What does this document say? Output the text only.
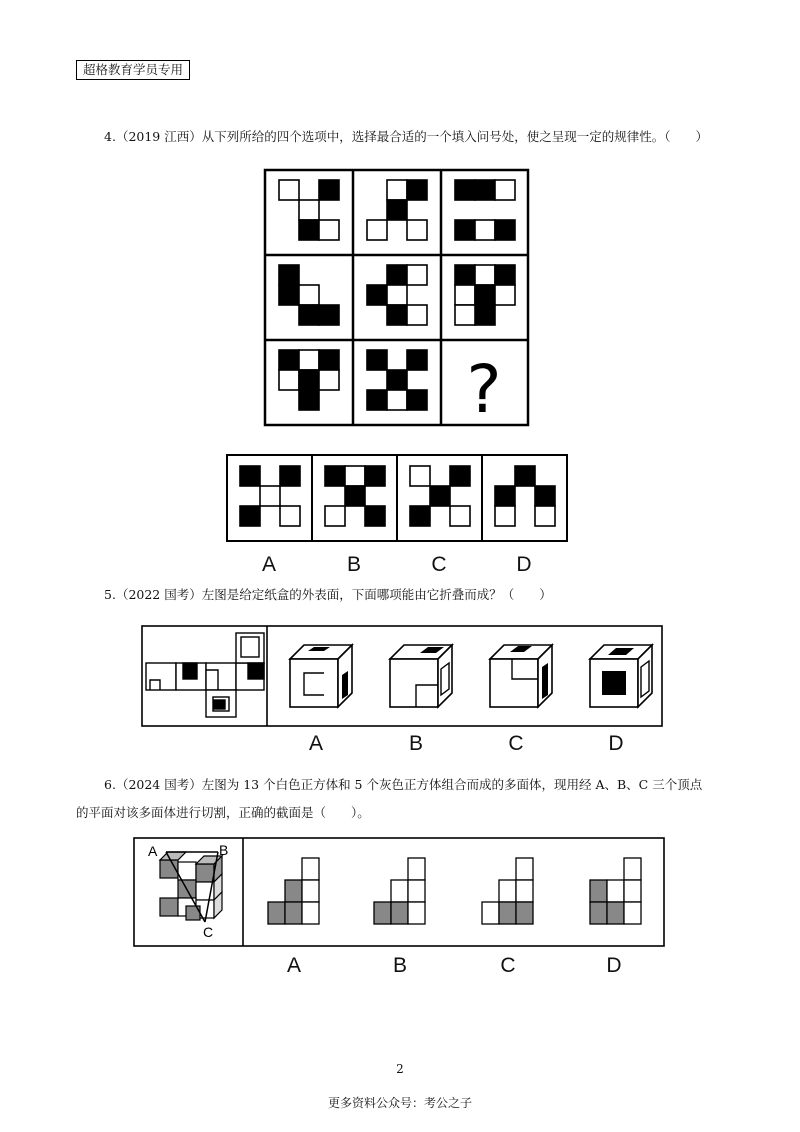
超格教育学员专用
4.（2019 江西）从下列所给的四个选项中，选择最合适的一个填入问号处，使之呈现一定的规律性。（　　）
?
A	B
C
A	B	C	D
5.（2022 国考）左图是给定纸盒的外表面，下面哪项能由它折叠而成？（　　）
A	B	C	D
6.（2024 国考）左图为 13 个白色正方体和 5 个灰色正方体组合而成的多面体，现用经 A、B、C 三个顶点
的平面对该多面体进行切割，正确的截面是（　　）。
A	B	C	D
2
更多资料公众号：考公之子
